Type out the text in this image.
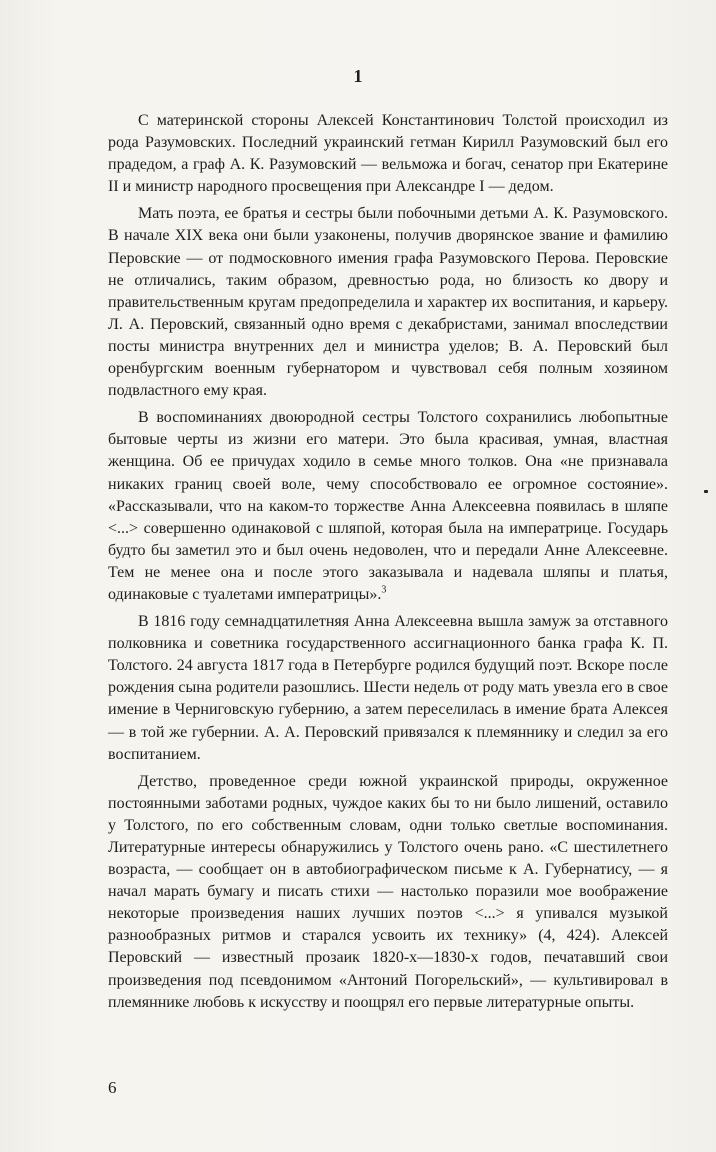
1

С материнской стороны Алексей Константинович Толстой происходил из рода Разумовских. Последний украинский гетман Кирилл Разумовский был его прадедом, а граф А. К. Разумовский — вельможа и богач, сенатор при Екатерине II и министр народного просвещения при Александре I — дедом.

Мать поэта, ее братья и сестры были побочными детьми А. К. Разумовского. В начале XIX века они были узаконены, получив дворянское звание и фамилию Перовские — от подмосковного имения графа Разумовского Перова. Перовские не отличались, таким образом, древностью рода, но близость ко двору и правительственным кругам предопределила и характер их воспитания, и карьеру. Л. А. Перовский, связанный одно время с декабристами, занимал впоследствии посты министра внутренних дел и министра уделов; В. А. Перовский был оренбургским военным губернатором и чувствовал себя полным хозяином подвластного ему края.

В воспоминаниях двоюродной сестры Толстого сохранились любопытные бытовые черты из жизни его матери. Это была красивая, умная, властная женщина. Об ее причудах ходило в семье много толков. Она «не признавала никаких границ своей воле, чему способствовало ее огромное состояние». «Рассказывали, что на каком-то торжестве Анна Алексеевна появилась в шляпе <...> совершенно одинаковой с шляпой, которая была на императрице. Государь будто бы заметил это и был очень недоволен, что и передали Анне Алексеевне. Тем не менее она и после этого заказывала и надевала шляпы и платья, одинаковые с туалетами императрицы».$^3$

В 1816 году семнадцатилетняя Анна Алексеевна вышла замуж за отставного полковника и советника государственного ассигнационного банка графа К. П. Толстого. 24 августа 1817 года в Петербурге родился будущий поэт. Вскоре после рождения сына родители разошлись. Шести недель от роду мать увезла его в свое имение в Черниговскую губернию, а затем переселилась в имение брата Алексея — в той же губернии. А. А. Перовский привязался к племяннику и следил за его воспитанием.

Детство, проведенное среди южной украинской природы, окруженное постоянными заботами родных, чуждое каких бы то ни было лишений, оставило у Толстого, по его собственным словам, одни только светлые воспоминания. Литературные интересы обнаружились у Толстого очень рано. «С шестилетнего возраста, — сообщает он в автобиографическом письме к А. Губернатису, — я начал марать бумагу и писать стихи — настолько поразили мое воображение некоторые произведения наших лучших поэтов <...> я упивался музыкой разнообразных ритмов и старался усвоить их технику» (4, 424). Алексей Перовский — известный прозаик 1820-х—1830-х годов, печатавший свои произведения под псевдонимом «Антоний Погорельский», — культивировал в племяннике любовь к искусству и поощрял его первые литературные опыты.

6
